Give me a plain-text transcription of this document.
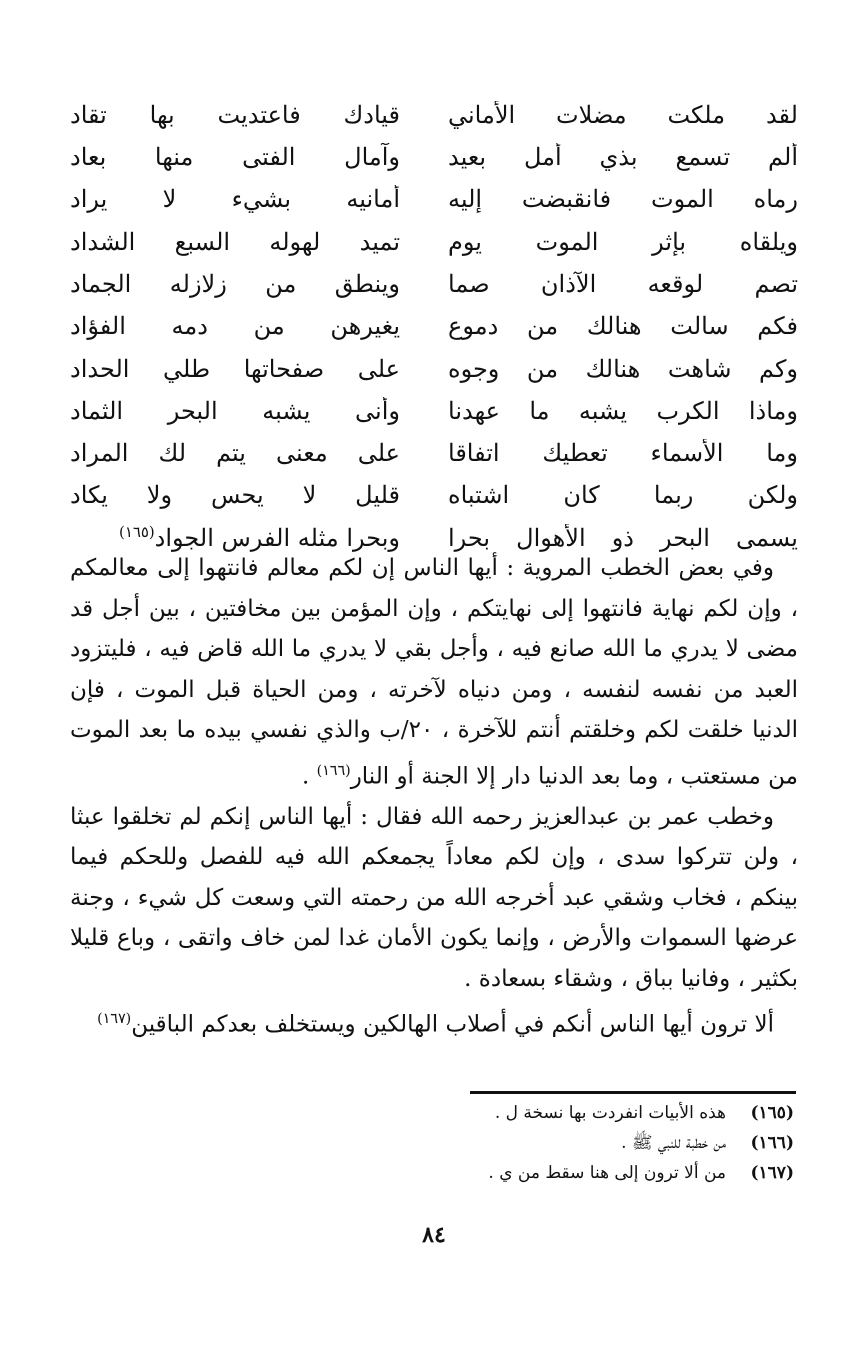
لقد ملكت مضلات الأماني
قيادك فاعتديت بها تقاد
ألم تسمع بذي أمل بعيد
وآمال الفتى منها بعاد
رماه الموت فانقبضت إليه
أمانيه بشيء لا يراد
ويلقاه بإثر الموت يوم
تميد لهوله السبع الشداد
تصم لوقعه الآذان صما
وينطق من زلازله الجماد
فكم سالت هنالك من دموع
يغيرهن من دمه الفؤاد
وكم شاهت هنالك من وجوه
على صفحاتها طلي الحداد
وماذا الكرب يشبه ما عهدنا
وأنى يشبه البحر الثماد
وما الأسماء تعطيك اتفاقا
على معنى يتم لك المراد
ولكن ربما كان اشتباه
قليل لا يحس ولا يكاد
يسمى البحر ذو الأهوال بحرا
وبحرا مثله الفرس الجواد$^{(١٦٥)}$

وفي بعض الخطب المروية : أيها الناس إن لكم معالم فانتهوا إلى معالمكم ، وإن لكم نهاية فانتهوا إلى نهايتكم ، وإن المؤمن بين مخافتين ، بين أجل قد مضى لا يدري ما الله صانع فيه ، وأجل بقي لا يدري ما الله قاض فيه ، فليتزود العبد من نفسه لنفسه ، ومن دنياه لآخرته ، ومن الحياة قبل الموت ، فإن الدنيا خلقت لكم وخلقتم أنتم للآخرة ، ٢٠/ب والذي نفسي بيده ما بعد الموت من مستعتب ، وما بعد الدنيا دار إلا الجنة أو النار$^{(١٦٦)}$ .

وخطب عمر بن عبدالعزيز رحمه الله فقال : أيها الناس إنكم لم تخلقوا عبثا ، ولن تتركوا سدى ، وإن لكم معاداً يجمعكم الله فيه للفصل وللحكم فيما بينكم ، فخاب وشقي عبد أخرجه الله من رحمته التي وسعت كل شيء ، وجنة عرضها السموات والأرض ، وإنما يكون الأمان غدا لمن خاف واتقى ، وباع قليلا بكثير ، وفانيا بباق ، وشقاء بسعادة .

ألا ترون أيها الناس أنكم في أصلاب الهالكين ويستخلف بعدكم الباقين$^{(١٦٧)}$

(١٦٥)
هذه الأبيات انفردت بها نسخة ل .
(١٦٦)
من خطبة للنبي ﷺ .
(١٦٧)
من ألا ترون إلى هنا سقط من ي .
٨٤
